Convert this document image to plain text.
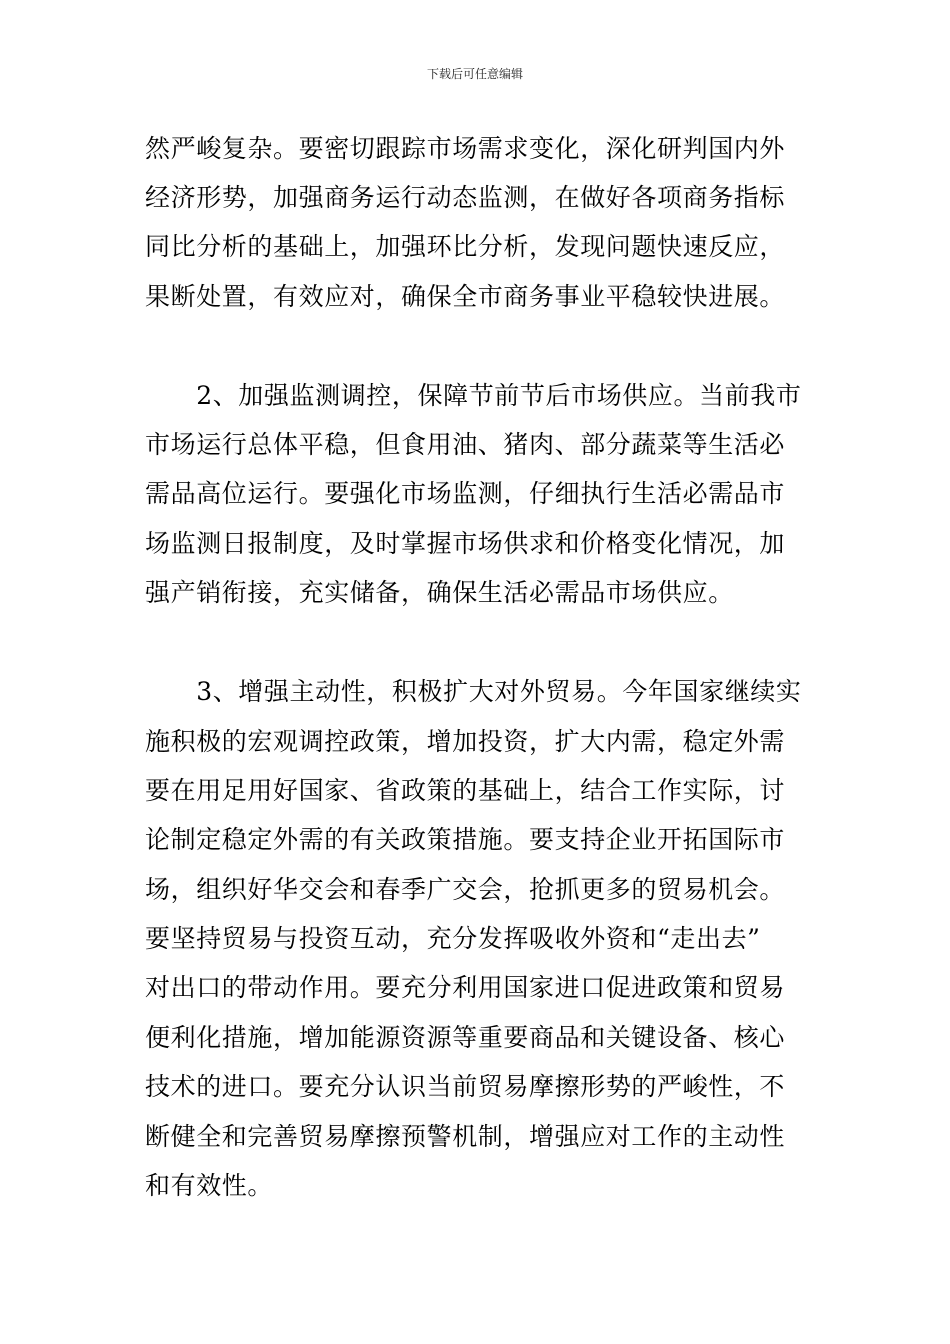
下载后可任意编辑
然严峻复杂。要密切跟踪市场需求变化，深化研判国内外
经济形势，加强商务运行动态监测，在做好各项商务指标
同比分析的基础上，加强环比分析，发现问题快速反应，
果断处置，有效应对，确保全市商务事业平稳较快进展。
　　2、加强监测调控，保障节前节后市场供应。当前我市
市场运行总体平稳，但食用油、猪肉、部分蔬菜等生活必
需品高位运行。要强化市场监测，仔细执行生活必需品市
场监测日报制度，及时掌握市场供求和价格变化情况，加
强产销衔接，充实储备，确保生活必需品市场供应。
　　3、增强主动性，积极扩大对外贸易。今年国家继续实
施积极的宏观调控政策，增加投资，扩大内需，稳定外需
要在用足用好国家、省政策的基础上，结合工作实际，讨
论制定稳定外需的有关政策措施。要支持企业开拓国际市
场，组织好华交会和春季广交会，抢抓更多的贸易机会。
要坚持贸易与投资互动，充分发挥吸收外资和“走出去”
对出口的带动作用。要充分利用国家进口促进政策和贸易
便利化措施，增加能源资源等重要商品和关键设备、核心
技术的进口。要充分认识当前贸易摩擦形势的严峻性，不
断健全和完善贸易摩擦预警机制，增强应对工作的主动性
和有效性。
